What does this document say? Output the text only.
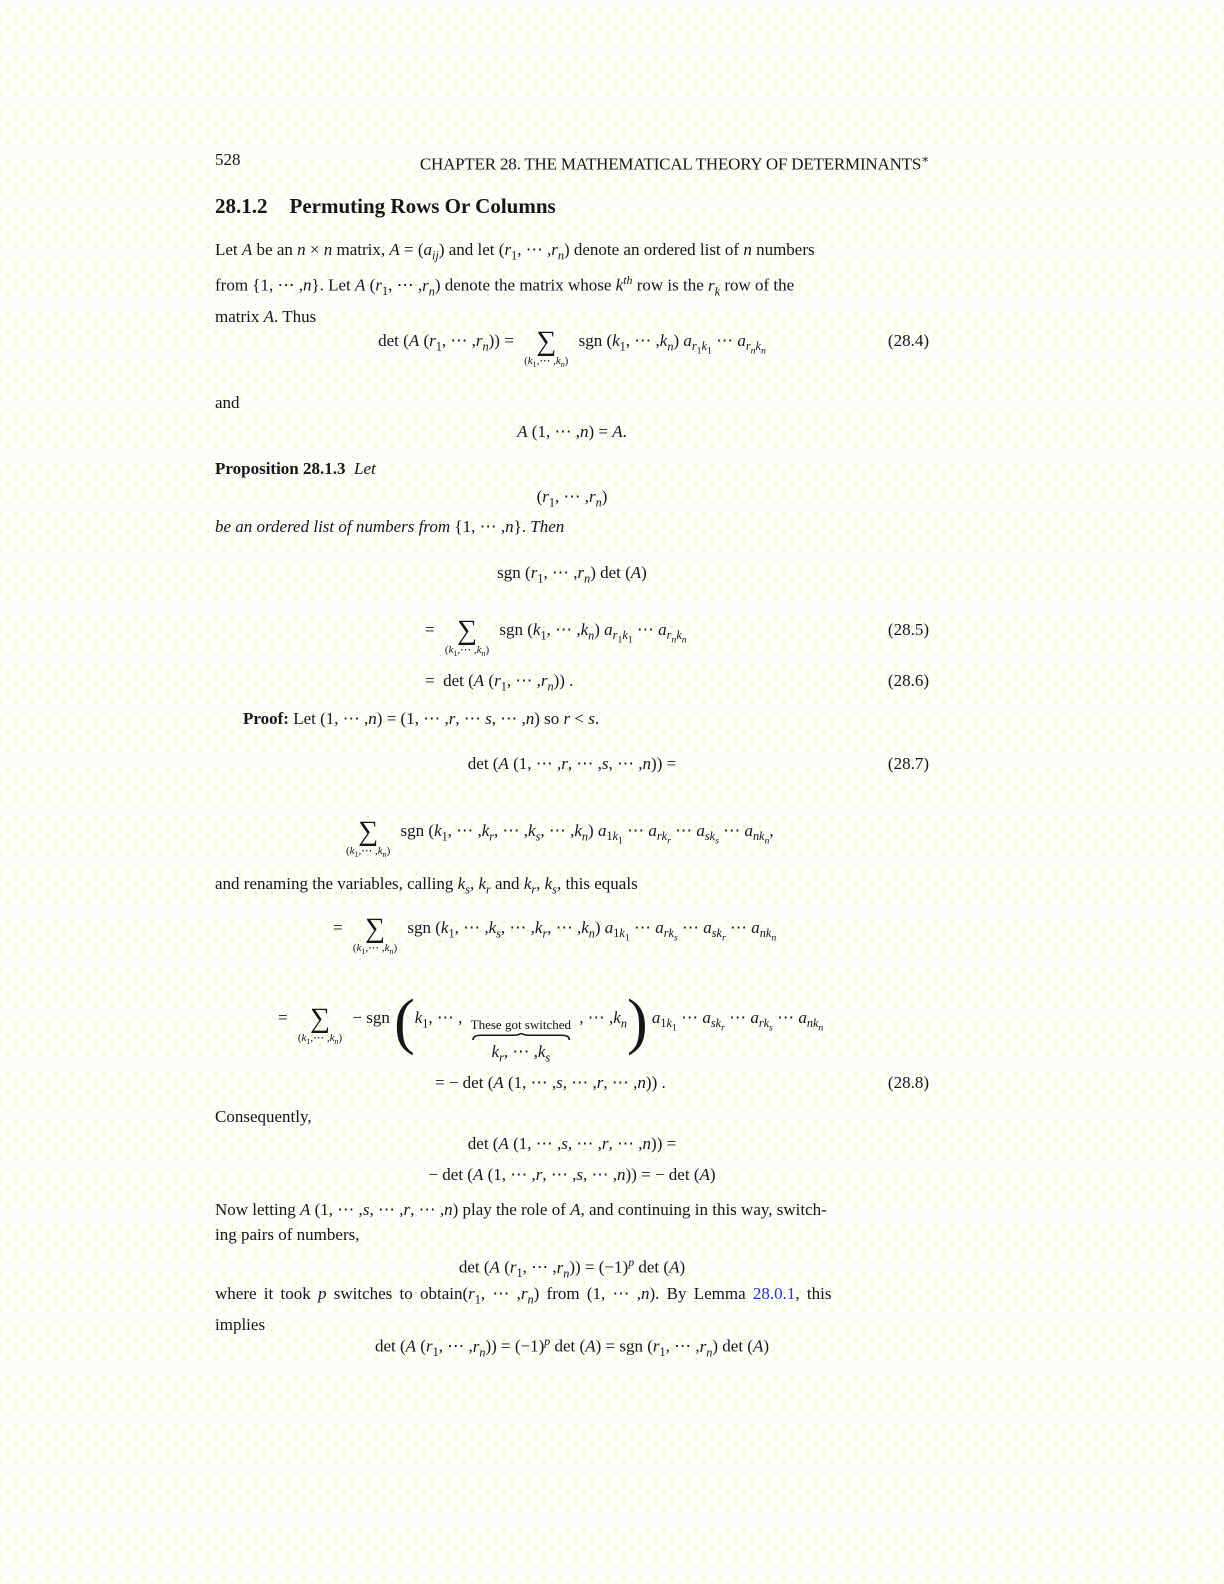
528	CHAPTER 28. THE MATHEMATICAL THEORY OF DETERMINANTS∗
28.1.2 Permuting Rows Or Columns
Let A be an n × n matrix, $A = (a_{ij})$ and let ($r_1$, ⋯ $,r_n$) denote an ordered list of n numbers
from {1, ⋯ ,n}. Let A ($r_1$, ⋯ $,r_n$) denote the matrix whose $k^{th}$ row is the $r_k$ row of the
matrix A. Thus
det (A ($r_1$, ⋯ $,r_n$)) = ∑
($k_1,\cdots$ $,k_n$)
sgn ($k_1$, ⋯ $,k_n$) $a_{r_1k_1}$ ⋯ $a_{r_nk_n}$
(28.4)
and
A (1, ⋯ ,n) = A.
Proposition 28.1.3 Let
($r_1$, ⋯ $,r_n$)
be an ordered list of numbers from {1, ⋯ ,n}. Then
sgn ($r_1$, ⋯ $,r_n$) det (A)
= ∑
($k_1,\cdots$ $,k_n$)
sgn ($k_1$, ⋯ $,k_n$) $a_{r_1k_1}$ ⋯ $a_{r_nk_n}$
(28.5)
=  det (A ($r_1$, ⋯ $,r_n$)) .	(28.6)
Proof: Let (1, ⋯ ,n) = (1, ⋯ ,r, ⋯ s, ⋯ ,n) so r < s.
det (A (1, ⋯ ,r, ⋯ ,s, ⋯ ,n)) =	(28.7)
∑
($k_1,\cdots$ $,k_n$)
sgn ($k_1$, ⋯ $,k_r$, ⋯ $,k_s$, ⋯ $,k_n$) $a_{1k_1}$ ⋯ $a_{rk_r}$ ⋯ $a_{sk_s}$ ⋯ $a_{nk_n}$,
and renaming the variables, calling $k_s$, $k_r$ and $k_r$, $k_s$, this equals
= ∑
($k_1,\cdots$ $,k_n$)
sgn ($k_1$, ⋯ $,k_s$, ⋯ $,k_r$, ⋯ $,k_n$) $a_{1k_1}$ ⋯ $a_{rk_s}$ ⋯ $a_{sk_r}$ ⋯ $a_{nk_n}$
= ∑
($k_1,\cdots$ $,k_n$)
− sgn ($k_1$, ⋯ , These got switched
$k_r$, ⋯ $,k_s$
, ⋯ $,k_n$) $a_{1k_1}$ ⋯ $a_{sk_r}$ ⋯ $a_{rk_s}$ ⋯ $a_{nk_n}$
= − det (A (1, ⋯ ,s, ⋯ ,r, ⋯ ,n)) .	(28.8)
Consequently,
det (A (1, ⋯ ,s, ⋯ ,r, ⋯ ,n)) =
− det (A (1, ⋯ ,r, ⋯ ,s, ⋯ ,n)) = − det (A)
Now letting A (1, ⋯ ,s, ⋯ ,r, ⋯ ,n) play the role of A, and continuing in this way, switch-
ing pairs of numbers,
det (A ($r_1$, ⋯ $,r_n)) = (-1)^p$ det (A)
where it took p switches to $obtain(r_1$, ⋯ $,r_n$) from (1, ⋯ ,n). By Lemma 28.0.1, this
implies
det (A ($r_1$, ⋯ $,r_n)) = (-1)^p$ det (A) = sgn ($r_1$, ⋯ $,r_n$) det (A)
